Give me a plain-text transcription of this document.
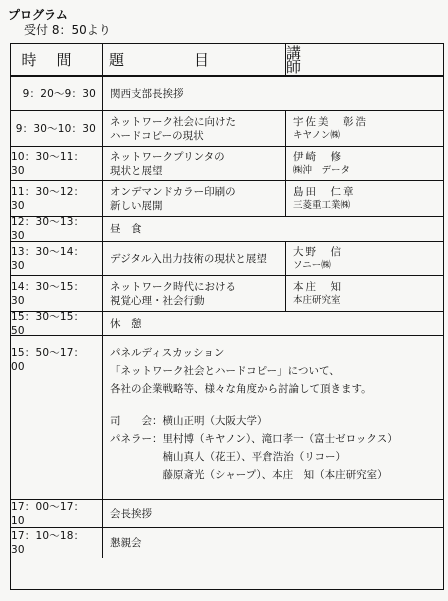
プログラム
受付 8：50より
時間	題目 講師
9：20～9：30	関西支部長挨拶
9：30～10：30
ネットワーク社会に向けた
ハードコピーの現状
宇佐美　彰浩
キヤノン㈱
10：30～11：30
ネットワークプリンタの
現状と展望
伊崎　修
㈱沖　データ
11：30～12：30
オンデマンドカラー印刷の
新しい展開
島田　仁章
三菱重工業㈱
12：30～13：30
昼　食
13：30～14：30
デジタル入出力技術の現状と展望
大野　信
ソニー㈱
14：30～15：30
ネットワーク時代における
視覚心理・社会行動
本庄　知
本庄研究室
15：30～15：50
休　憩
15：50～17：00
パネルディスカッション
「ネットワーク社会とハードコピー」について、
各社の企業戦略等、様々な角度から討論して頂きます。
司　　会：横山正明（大阪大学）
パネラー：里村博（キヤノン）、滝口孝一（富士ゼロックス）
　　　　　楠山真人（花王）、平倉浩治（リコー）
　　　　　藤原斎光（シャープ）、本庄　知（本庄研究室）
17：00～17：10
会長挨拶
17：10～18：30
懇親会
